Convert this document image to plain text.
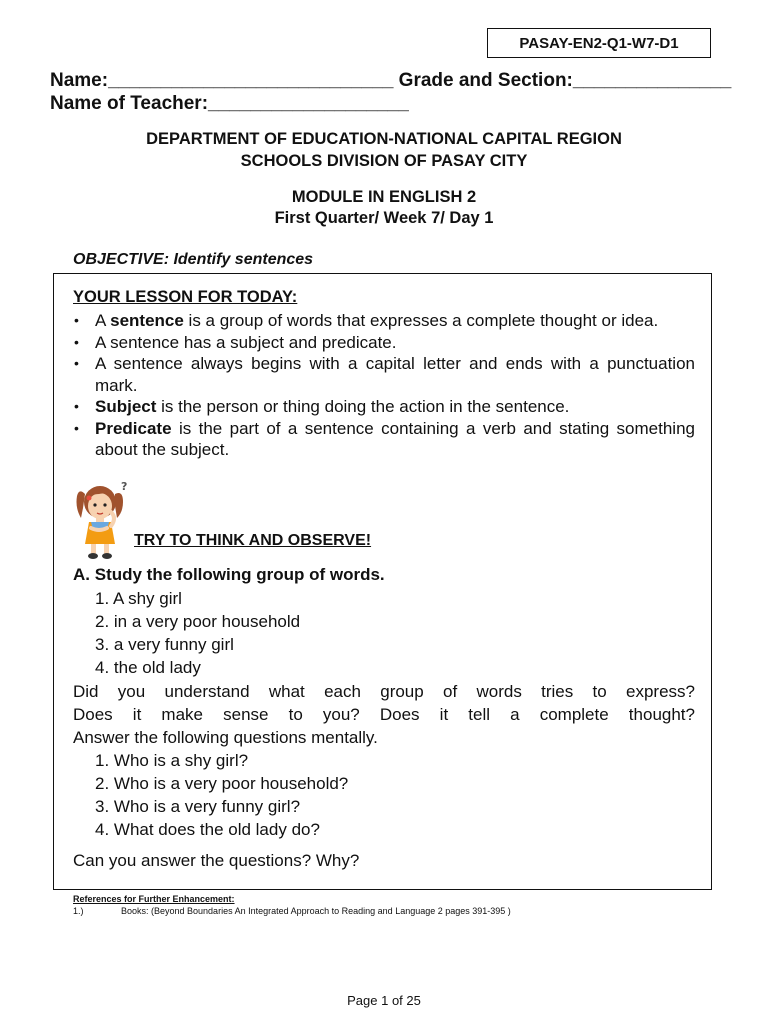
PASAY-EN2-Q1-W7-D1
Name:___________________________ Grade and Section:_______________
Name of Teacher:___________________
DEPARTMENT OF EDUCATION-NATIONAL CAPITAL REGION
SCHOOLS DIVISION OF PASAY CITY
MODULE IN ENGLISH 2
First Quarter/ Week 7/ Day 1
OBJECTIVE: Identify sentences
YOUR LESSON FOR TODAY:
• A sentence is a group of words that expresses a complete thought or idea.
• A sentence has a subject and predicate.
• A sentence always begins with a capital letter and ends with a punctuation mark.
• Subject is the person or thing doing the action in the sentence.
• Predicate is the part of a sentence containing a verb and stating something about the subject.
?
TRY TO THINK AND OBSERVE!
A. Study the following group of words.
1. A shy girl
2. in a very poor household
3. a very funny girl
4. the old lady
Did you understand what each group of words tries to express?
Does it make sense to you? Does it tell a complete thought?
Answer the following questions mentally.
1. Who is a shy girl?
2. Who is a very poor household?
3. Who is a very funny girl?
4. What does the old lady do?
Can you answer the questions? Why?
References for Further Enhancement:
1.)	Books: (Beyond Boundaries An Integrated Approach to Reading and Language 2 pages 391-395 )
Page 1 of 25
